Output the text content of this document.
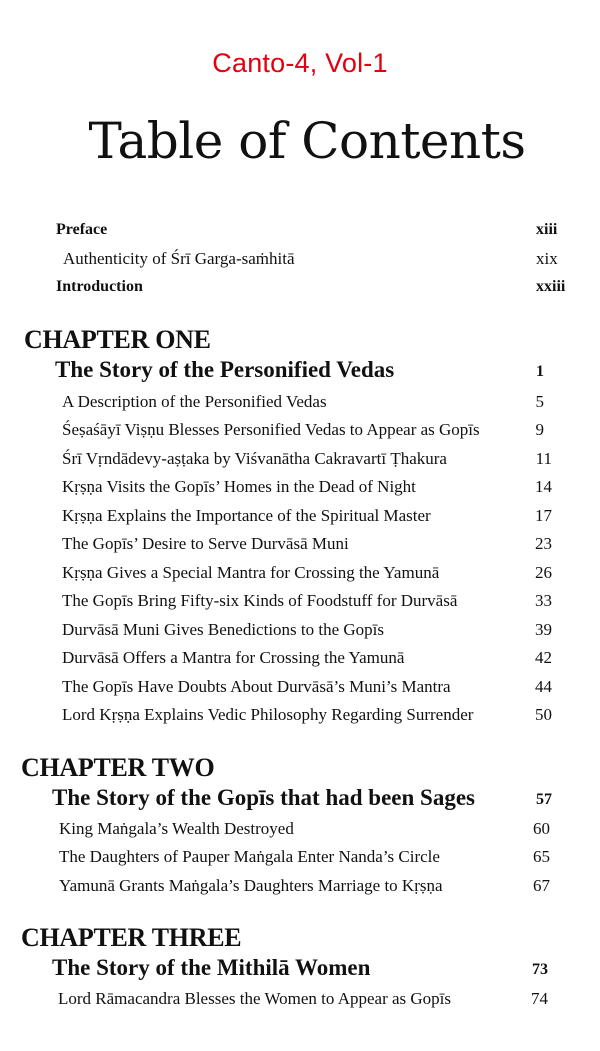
Canto-4, Vol-1
Table of Contents
Preface	xiii
Authenticity of Śrī Garga-saṁhitā	xix
Introduction	xxiii
CHAPTER ONE
The Story of the Personified Vedas	1
A Description of the Personified Vedas	5
Śeṣaśāyī Viṣṇu Blesses Personified Vedas to Appear as Gopīs	9
Śrī Vṛndādevy-aṣṭaka by Viśvanātha Cakravartī Ṭhakura	11
Kṛṣṇa Visits the Gopīs’ Homes in the Dead of Night	14
Kṛṣṇa Explains the Importance of the Spiritual Master	17
The Gopīs’ Desire to Serve Durvāsā Muni	23
Kṛṣṇa Gives a Special Mantra for Crossing the Yamunā	26
The Gopīs Bring Fifty-six Kinds of Foodstuff for Durvāsā	33
Durvāsā Muni Gives Benedictions to the Gopīs	39
Durvāsā Offers a Mantra for Crossing the Yamunā	42
The Gopīs Have Doubts About Durvāsā’s Muni’s Mantra	44
Lord Kṛṣṇa Explains Vedic Philosophy Regarding Surrender	50
CHAPTER TWO
The Story of the Gopīs that had been Sages	57
King Maṅgala’s Wealth Destroyed	60
The Daughters of Pauper Maṅgala Enter Nanda’s Circle	65
Yamunā Grants Maṅgala’s Daughters Marriage to Kṛṣṇa	67
CHAPTER THREE
The Story of the Mithilā Women	73
Lord Rāmacandra Blesses the Women to Appear as Gopīs	74
